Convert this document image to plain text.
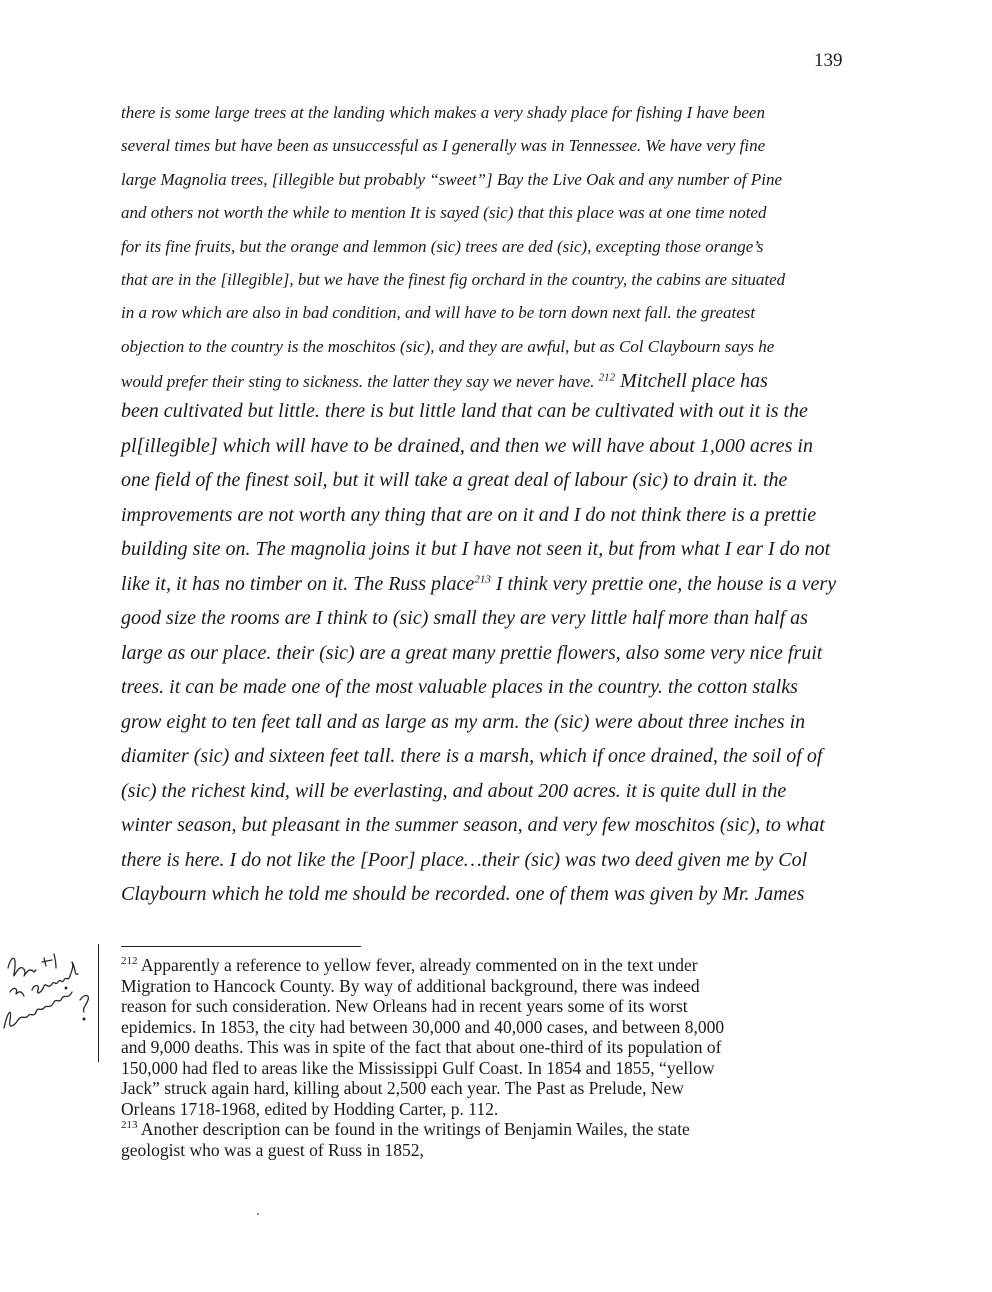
139
there is some large trees at the landing which makes a very shady place for fishing I have been
several times but have been as unsuccessful as I generally was in Tennessee. We have very fine
large Magnolia trees, [illegible but probably “sweet”] Bay the Live Oak and any number of Pine
and others not worth the while to mention It is sayed (sic) that this place was at one time noted
for its fine fruits, but the orange and lemmon (sic) trees are ded (sic), excepting those orange’s
that are in the [illegible], but we have the finest fig orchard in the country, the cabins are situated
in a row which are also in bad condition, and will have to be torn down next fall. the greatest
objection to the country is the moschitos (sic), and they are awful, but as Col Claybourn says he
would prefer their sting to sickness. the latter they say we never have. $^{212}$ Mitchell place has
been cultivated but little. there is but little land that can be cultivated with out it is the
pl[illegible] which will have to be drained, and then we will have about 1,000 acres in
one field of the finest soil, but it will take a great deal of labour (sic) to drain it. the
improvements are not worth any thing that are on it and I do not think there is a prettie
building site on. The magnolia joins it but I have not seen it, but from what I ear I do not
like it, it has no timber on it. The Russ place$^{213}$ I think very prettie one, the house is a very
good size the rooms are I think to (sic) small they are very little half more than half as
large as our place. their (sic) are a great many prettie flowers, also some very nice fruit
trees. it can be made one of the most valuable places in the country. the cotton stalks
grow eight to ten feet tall and as large as my arm. the (sic) were about three inches in
diamiter (sic) and sixteen feet tall. there is a marsh, which if once drained, the soil of of
(sic) the richest kind, will be everlasting, and about 200 acres. it is quite dull in the
winter season, but pleasant in the summer season, and very few moschitos (sic), to what
there is here. I do not like the [Poor] place…their (sic) was two deed given me by Col
Claybourn which he told me should be recorded. one of them was given by Mr. James
$^{212}$ Apparently a reference to yellow fever, already commented on in the text under
Migration to Hancock County. By way of additional background, there was indeed
reason for such consideration. New Orleans had in recent years some of its worst
epidemics. In 1853, the city had between 30,000 and 40,000 cases, and between 8,000
and 9,000 deaths. This was in spite of the fact that about one-third of its population of
150,000 had fled to areas like the Mississippi Gulf Coast. In 1854 and 1855, “yellow
Jack” struck again hard, killing about 2,500 each year. The Past as Prelude, New
Orleans 1718-1968, edited by Hodding Carter, p. 112.
$^{213}$ Another description can be found in the writings of Benjamin Wailes, the state
geologist who was a guest of Russ in 1852,
